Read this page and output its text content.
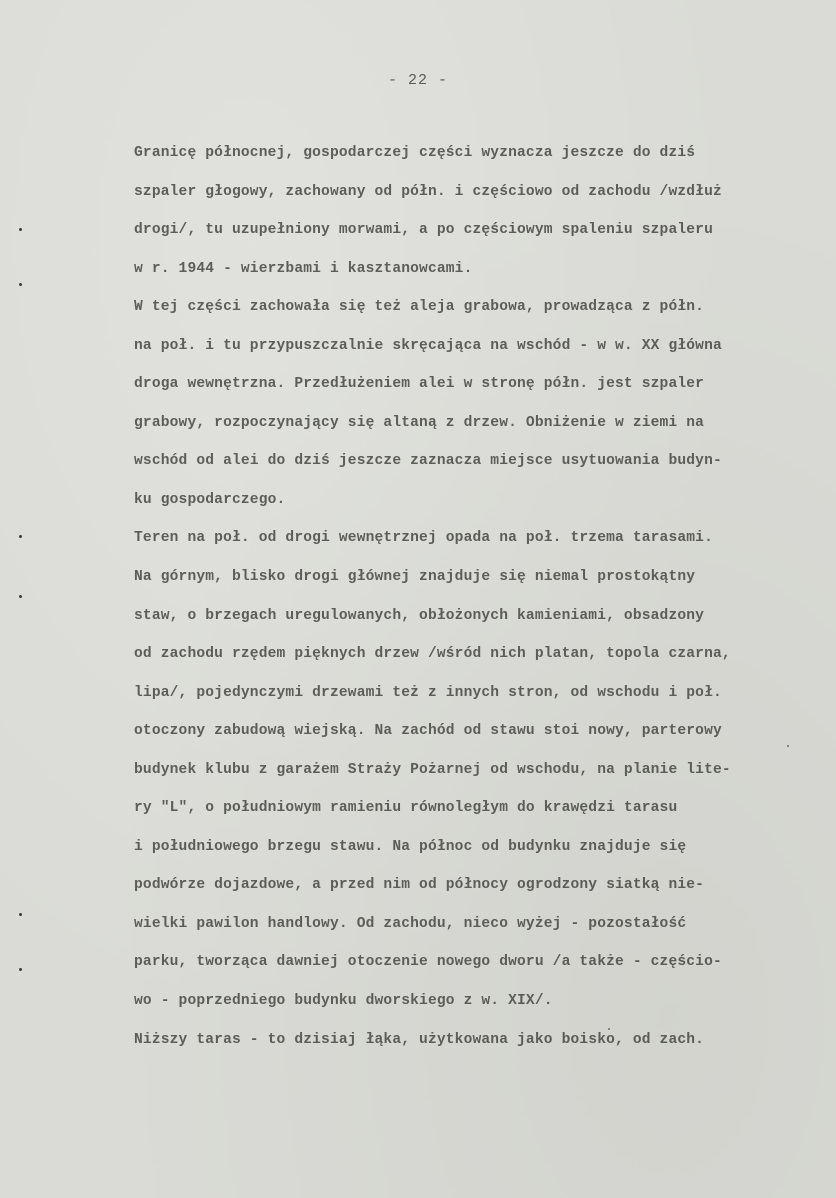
- 22 -
Granicę północnej, gospodarczej części wyznacza jeszcze do dziś
szpaler głogowy, zachowany od półn. i częściowo od zachodu /wzdłuż
drogi/, tu uzupełniony morwami, a po częściowym spaleniu szpaleru
w r. 1944 - wierzbami i kasztanowcami.
W tej części zachowała się też aleja grabowa, prowadząca z półn.
na poł. i tu przypuszczalnie skręcająca na wschód - w w. XX główna
droga wewnętrzna. Przedłużeniem alei w stronę półn. jest szpaler
grabowy, rozpoczynający się altaną z drzew. Obniżenie w ziemi na
wschód od alei do dziś jeszcze zaznacza miejsce usytuowania budyn-
ku gospodarczego.
Teren na poł. od drogi wewnętrznej opada na poł. trzema tarasami.
Na górnym, blisko drogi głównej znajduje się niemal prostokątny
staw, o brzegach uregulowanych, obłożonych kamieniami, obsadzony
od zachodu rzędem pięknych drzew /wśród nich platan, topola czarna,
lipa/, pojedynczymi drzewami też z innych stron, od wschodu i poł.
otoczony zabudową wiejską. Na zachód od stawu stoi nowy, parterowy
budynek klubu z garażem Straży Pożarnej od wschodu, na planie lite-
ry "L", o południowym ramieniu równoległym do krawędzi tarasu
i południowego brzegu stawu. Na północ od budynku znajduje się
podwórze dojazdowe, a przed nim od północy ogrodzony siatką nie-
wielki pawilon handlowy. Od zachodu, nieco wyżej - pozostałość
parku, tworząca dawniej otoczenie nowego dworu /a także - częścio-
wo - poprzedniego budynku dworskiego z w. XIX/.
Niższy taras - to dzisiaj łąka, użytkowana jako boisko, od zach.
